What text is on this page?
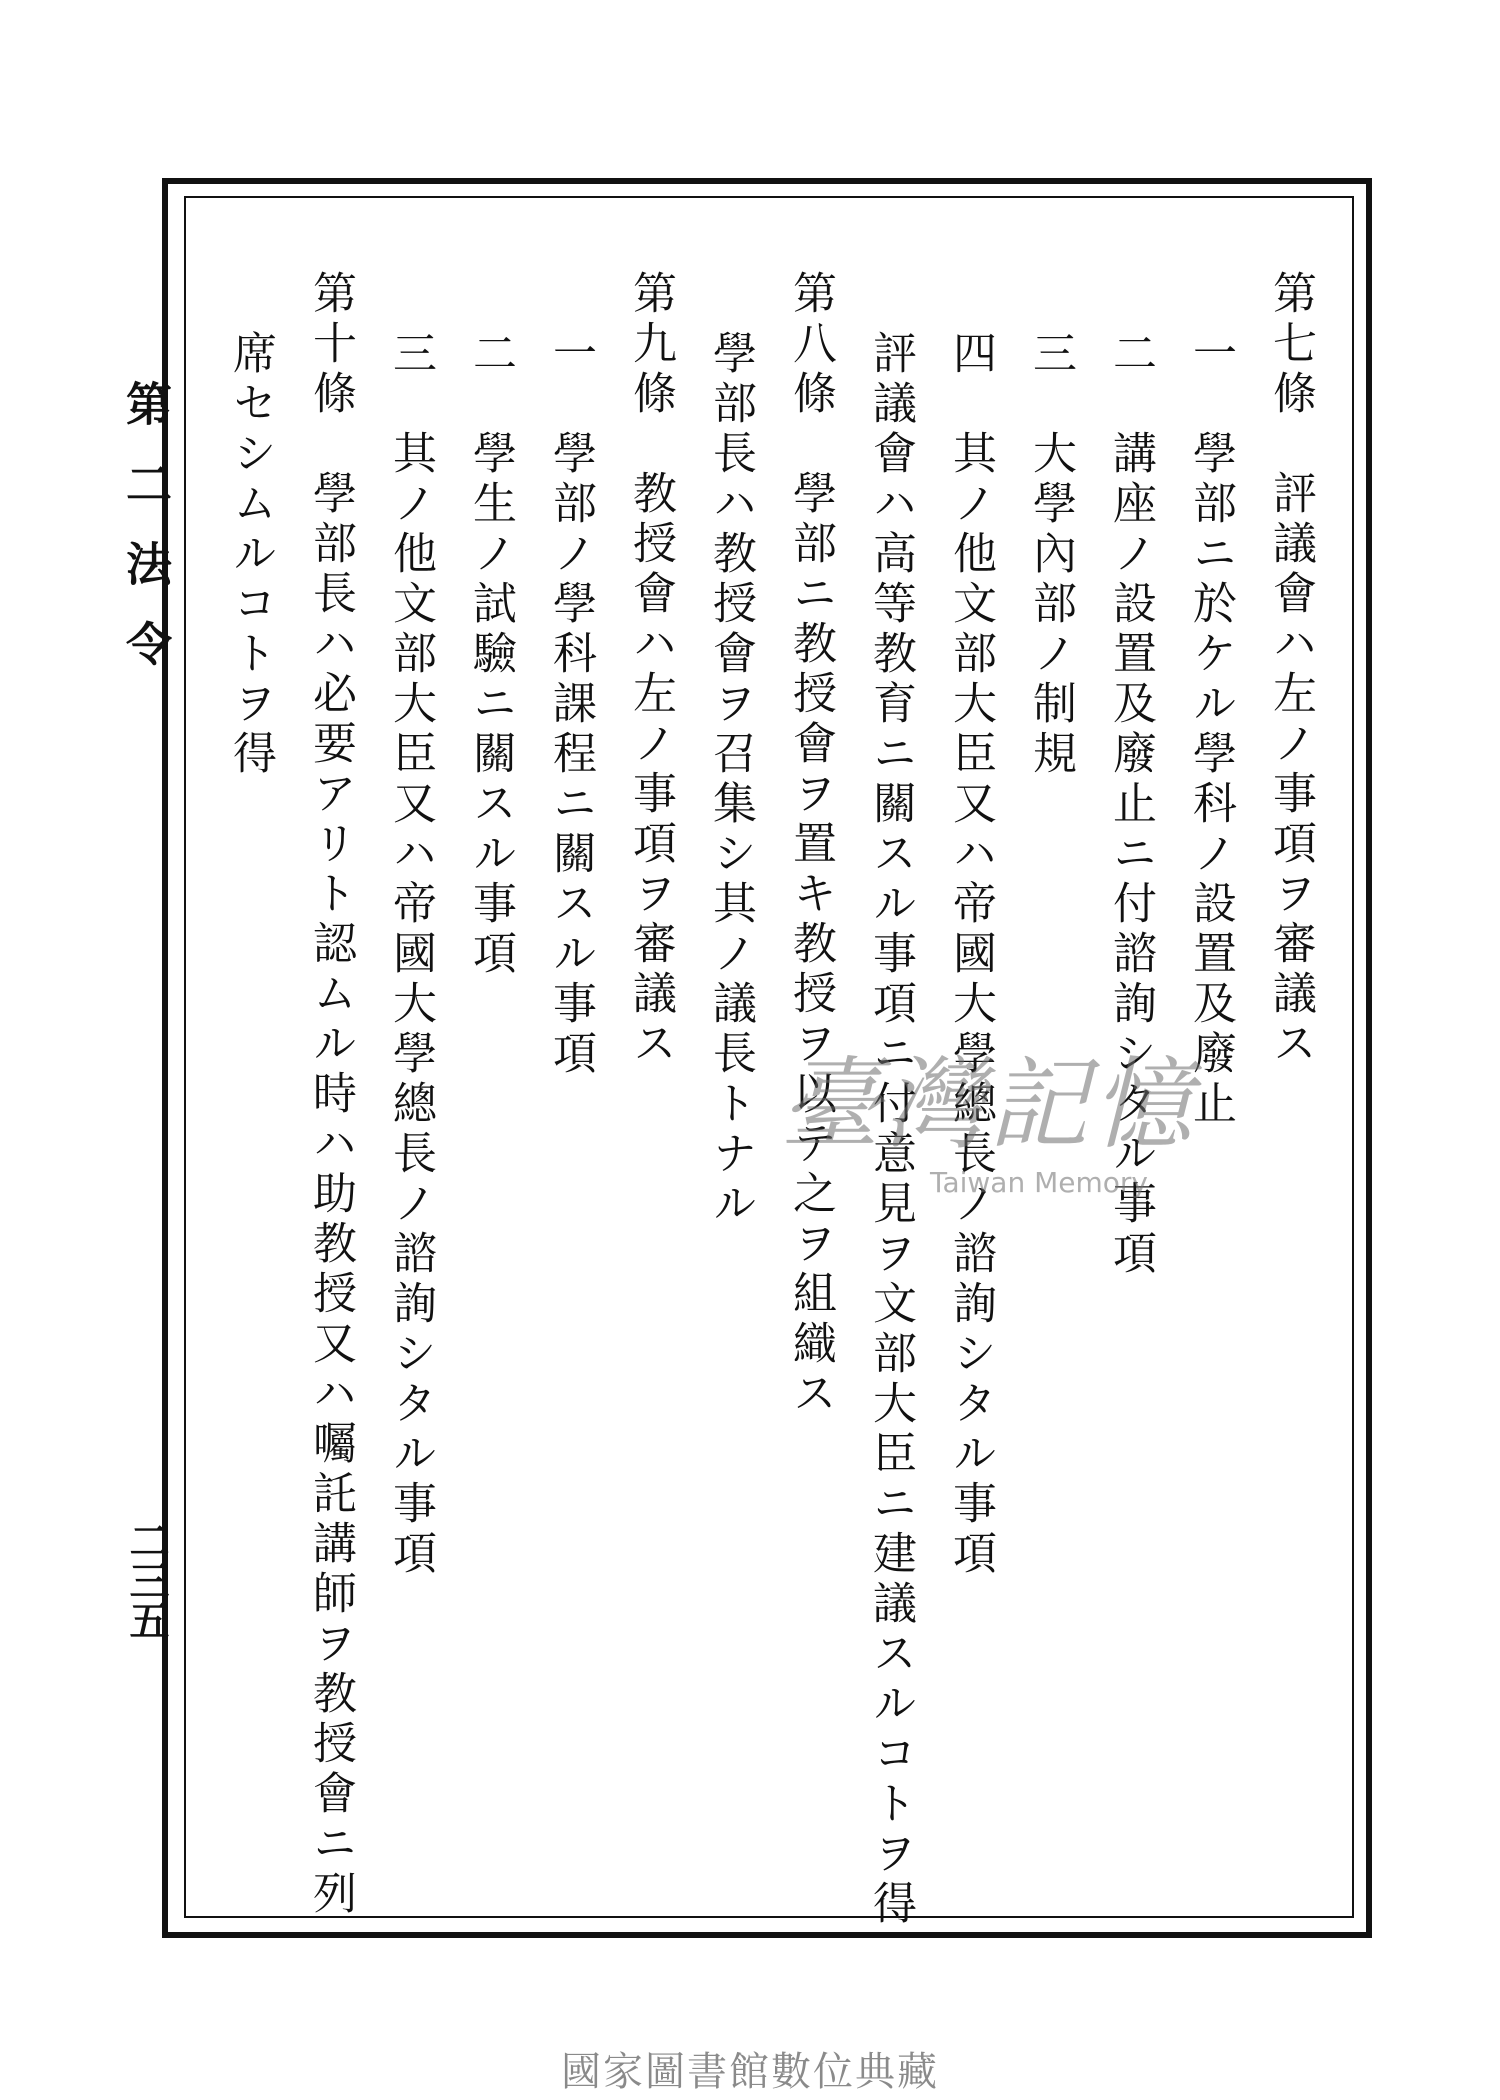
第二法令
二三五
第七條　評議會ハ左ノ事項ヲ審議ス
一　學部ニ於ケル學科ノ設置及廢止
二　講座ノ設置及廢止ニ付諮詢シタル事項
三　大學內部ノ制規
四　其ノ他文部大臣又ハ帝國大學總長ノ諮詢シタル事項
評議會ハ高等教育ニ關スル事項ニ付意見ヲ文部大臣ニ建議スルコトヲ得
第八條　學部ニ教授會ヲ置キ教授ヲ以テ之ヲ組織ス
學部長ハ教授會ヲ召集シ其ノ議長トナル
第九條　教授會ハ左ノ事項ヲ審議ス
一　學部ノ學科課程ニ關スル事項
二　學生ノ試驗ニ關スル事項
三　其ノ他文部大臣又ハ帝國大學總長ノ諮詢シタル事項
第十條　學部長ハ必要アリト認ムル時ハ助教授又ハ囑託講師ヲ教授會ニ列
席セシムルコトヲ得
臺灣記憶
Taiwan Memory
國家圖書館數位典藏
